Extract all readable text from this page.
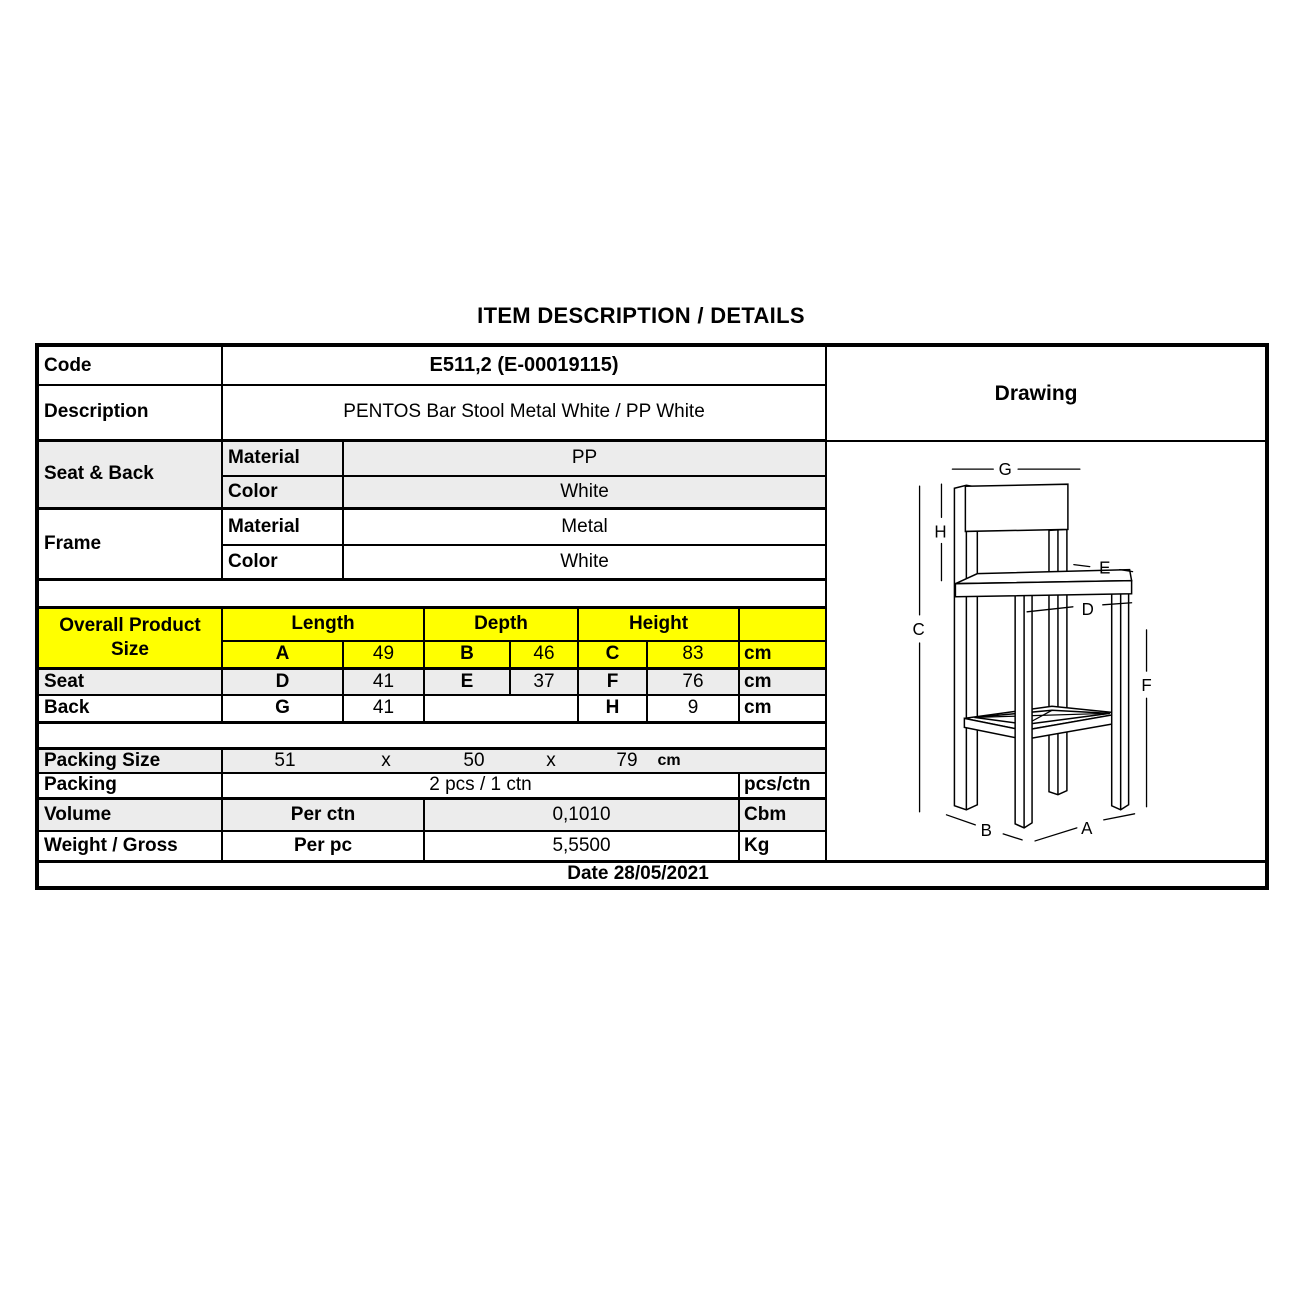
ITEM DESCRIPTION / DETAILS
Code	E511,2 (E-00019115)	
Drawing
G
H
C
E
D
F
B	A

Description	PENTOS Bar Stool Metal White / PP White							
Seat & Back	Material	PP						
	Color	White						
Frame	Material	Metal						
	Color	White						

Overall Product
Size	Length		Depth		Height			
	A	49	B	46	C	83	cm	
Seat	D	41	E	37	F	76	cm	
Back	G	41			H	9	cm	

Packing Size	51	x	50	x	79 cm

Packing	2 pcs / 1 ctn						pcs/ctn	
Volume	Per ctn		0,1010				Cbm	
Weight / Gross	Per pc		5,5500				Kg	
Date 28/05/2021								
